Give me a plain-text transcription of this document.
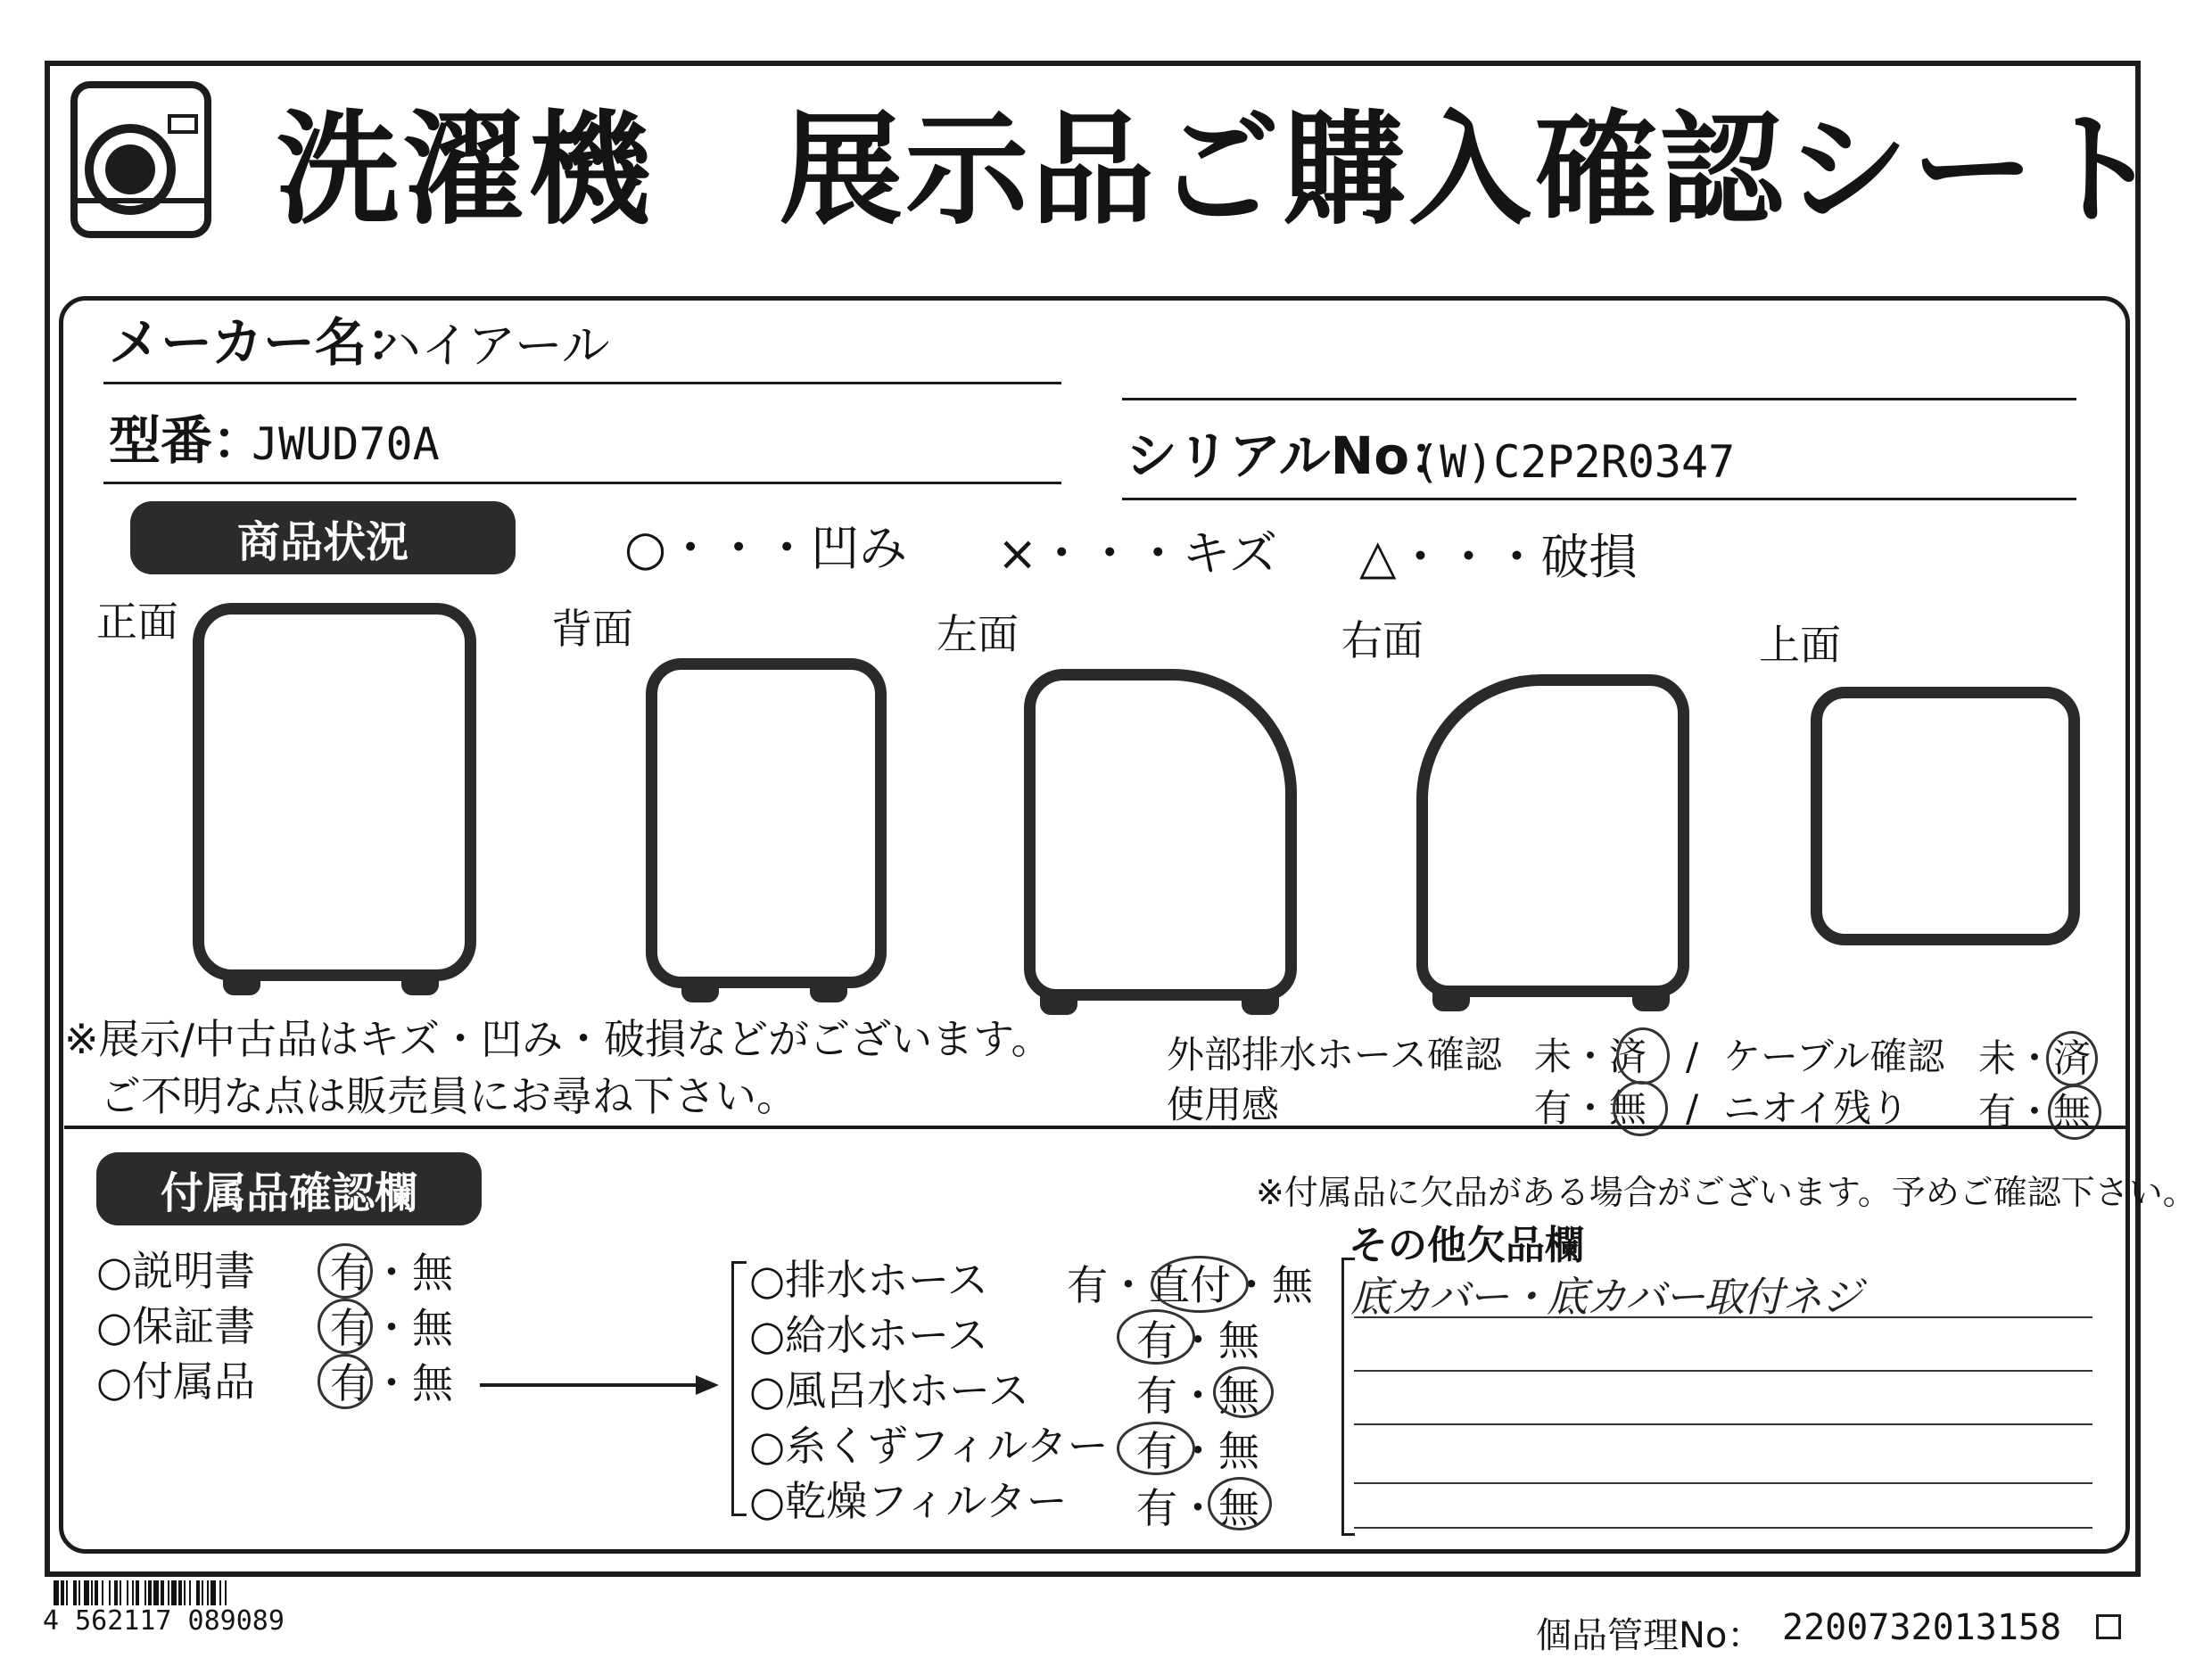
洗濯機　展示品ご購入確認シート
メーカー名：
ハイアール
型番：
JWUD70A	シリアルNo：
(W)C2P2R0347
商品状況	○・・・凹み ×・・・キズ △・・・破損
正面	背面	左面	右面	上面
※展示/中古品はキズ・凹み・破損などがございます。
ご不明な点は販売員にお尋ね下さい。
外部排水ホース確認 未・済 / ケーブル確認 未・済
使用感	有・無 / ニオイ残り 有・無
付属品確認欄	※付属品に欠品がある場合がございます。予めご確認下さい。
○説明書 有・無
○保証書 有・無
○付属品 有・無
○排水ホース 有・直付・無
○給水ホース	有・無
○風呂水ホース	有・無
○糸くずフィルター 有・無
○乾燥フィルター 有・無
その他欠品欄
底カバー・底カバー取付ネジ
4 562117 089089	個品管理No： 2200732013158
